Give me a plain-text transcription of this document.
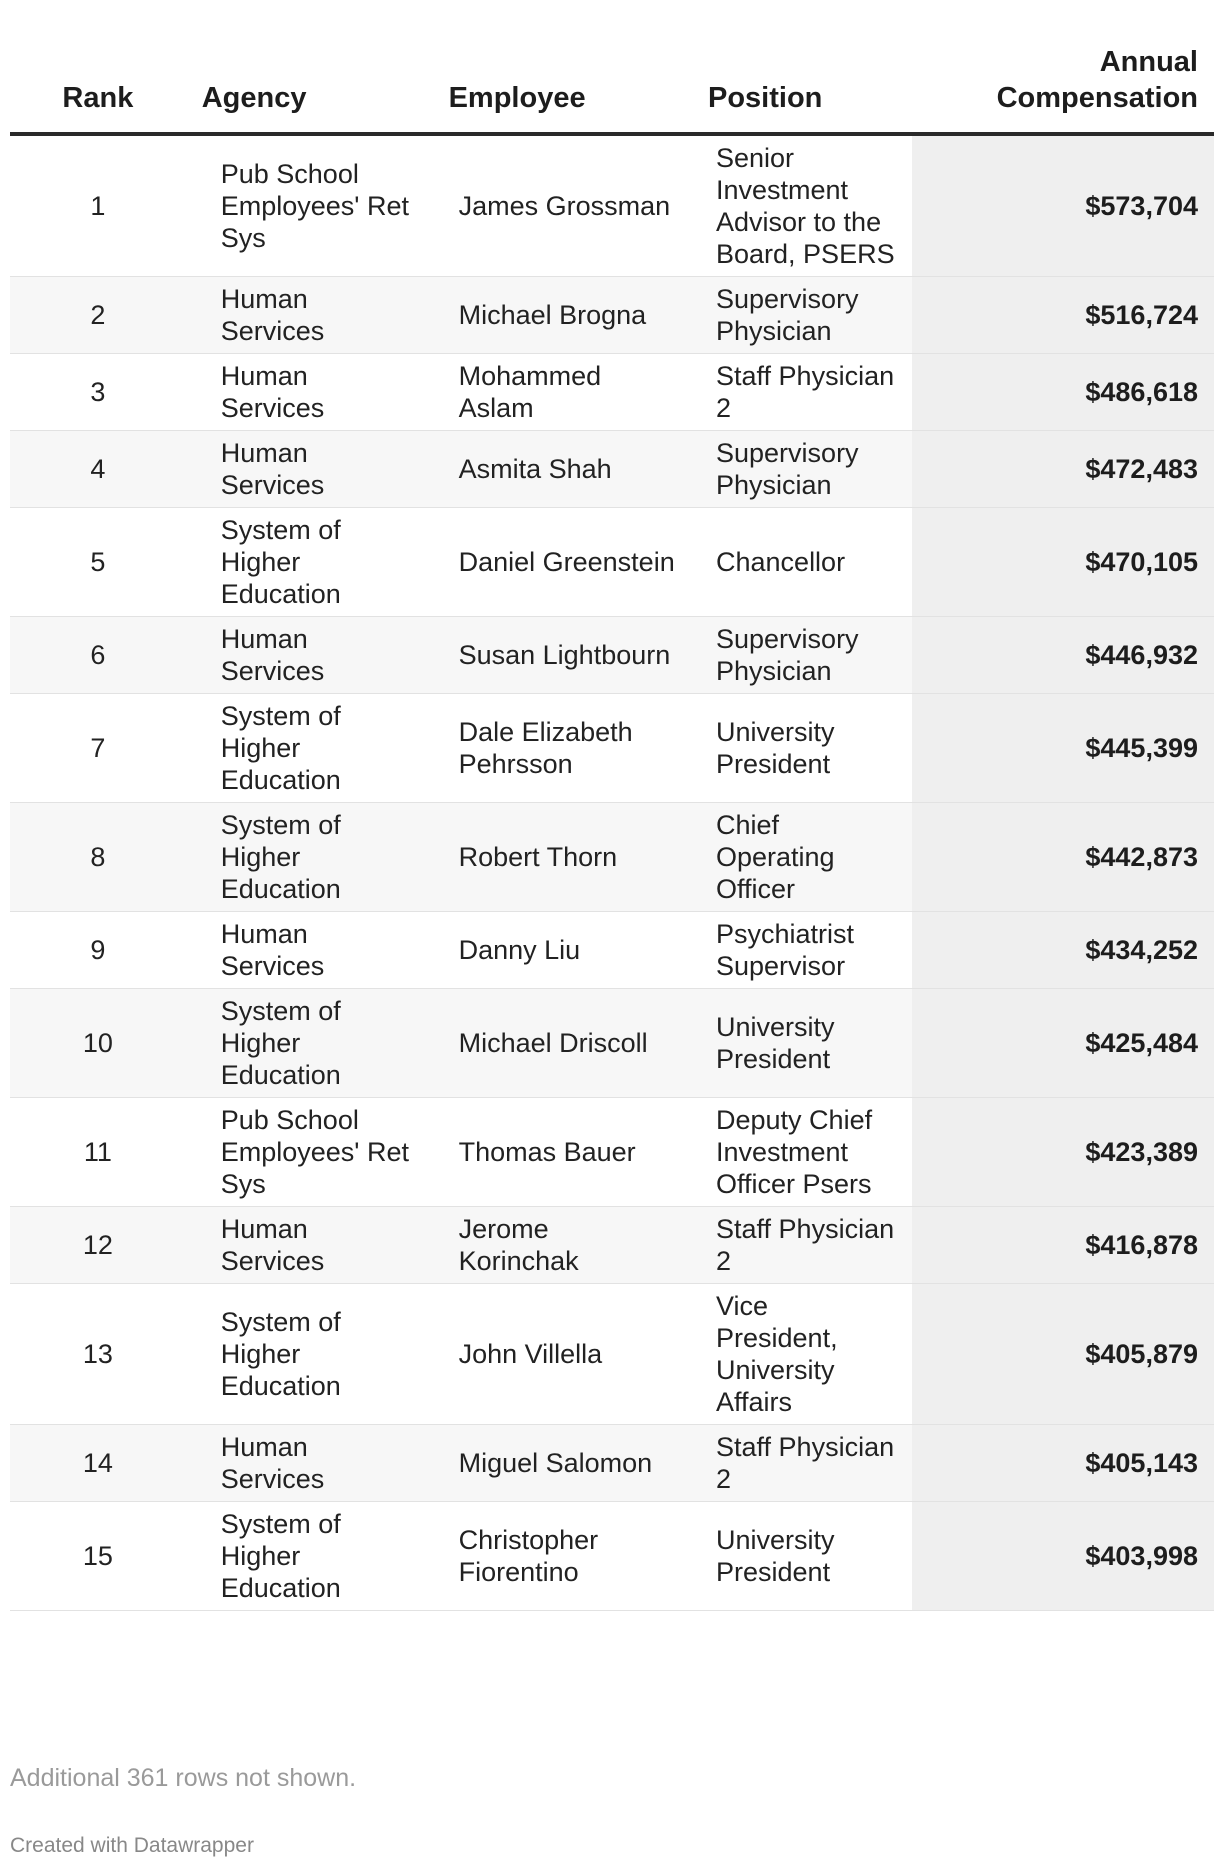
Rank	Agency	Employee	Position	Annual
Compensation
1	Pub School Employees' Ret Sys	James Grossman	Senior Investment Advisor to the Board, PSERS	$573,704
2	Human Services	Michael Brogna	Supervisory Physician	$516,724
3	Human Services	Mohammed Aslam	Staff Physician 2	$486,618
4	Human Services	Asmita Shah	Supervisory Physician	$472,483
5	System of Higher Education	Daniel Greenstein	Chancellor	$470,105
6	Human Services	Susan Lightbourn	Supervisory Physician	$446,932
7	System of Higher Education	Dale Elizabeth Pehrsson	University President	$445,399
8	System of Higher Education	Robert Thorn	Chief Operating Officer	$442,873
9	Human Services	Danny Liu	Psychiatrist Supervisor	$434,252
10	System of Higher Education	Michael Driscoll	University President	$425,484
11	Pub School Employees' Ret Sys	Thomas Bauer	Deputy Chief Investment Officer Psers	$423,389
12	Human Services	Jerome Korinchak	Staff Physician 2	$416,878
13	System of Higher Education	John Villella	Vice President, University Affairs	$405,879
14	Human Services	Miguel Salomon	Staff Physician 2	$405,143
15	System of Higher Education	Christopher Fiorentino	University President	$403,998
Additional 361 rows not shown.
Created with Datawrapper
